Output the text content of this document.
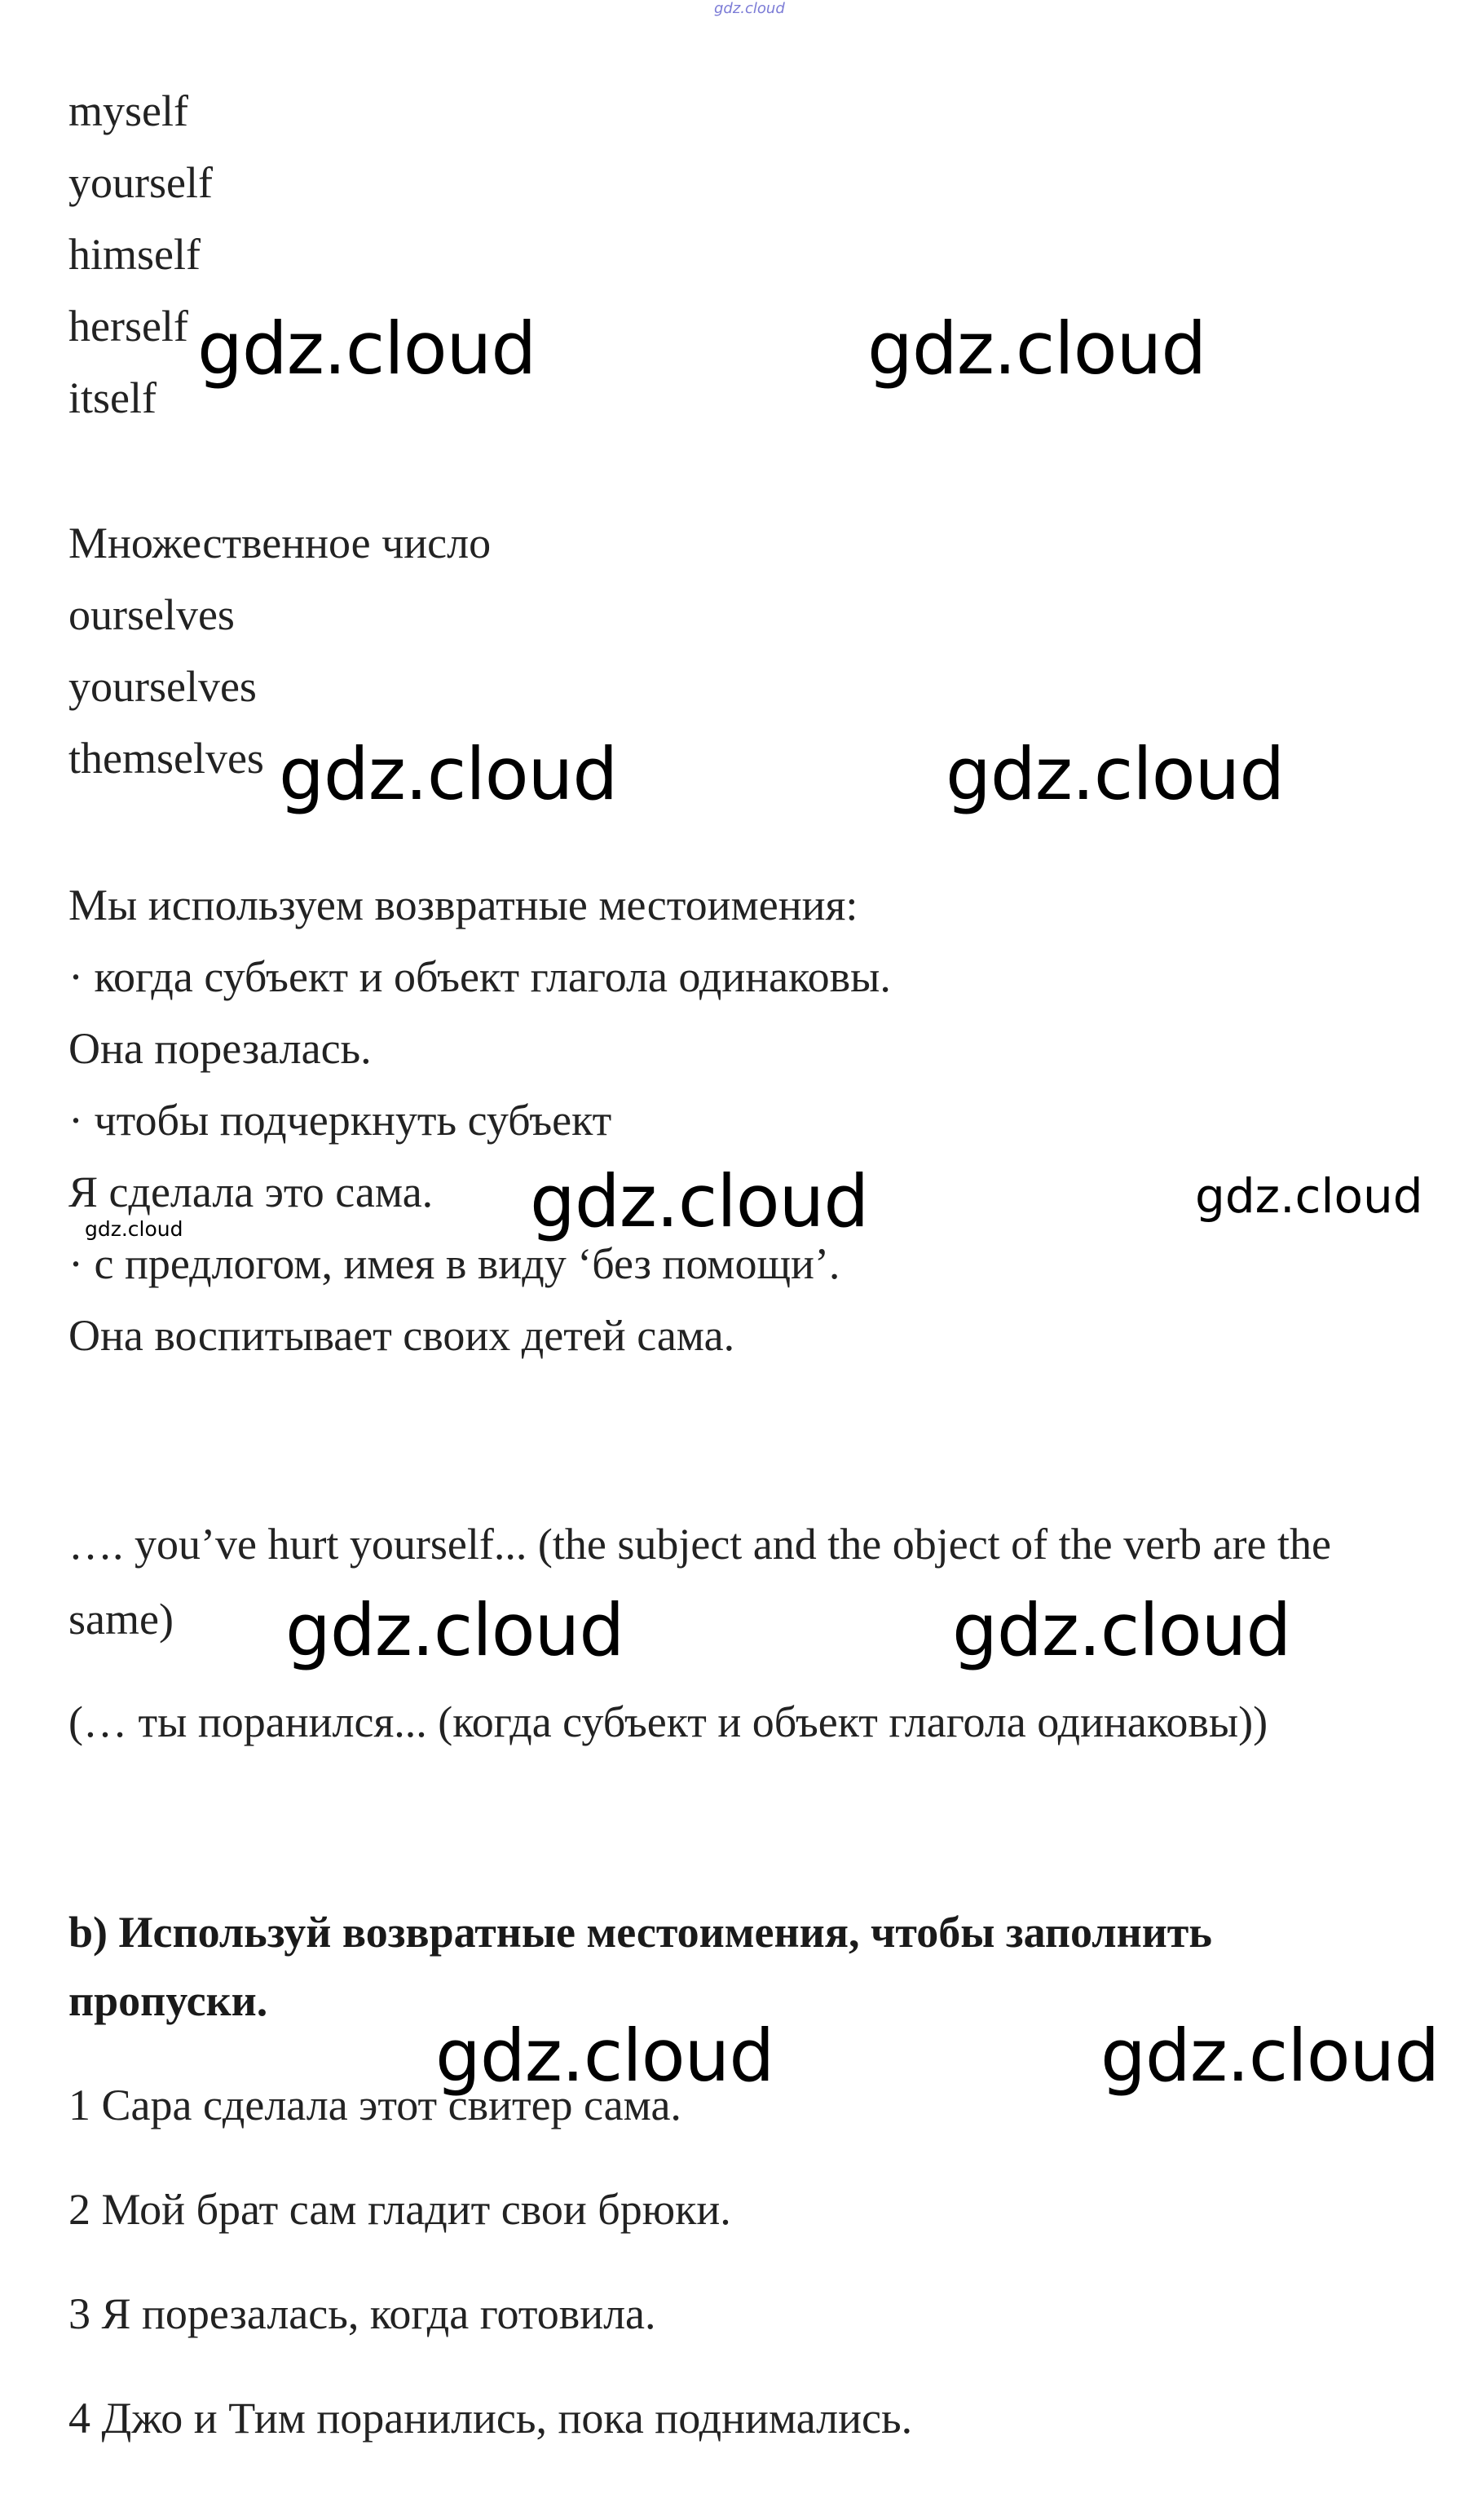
gdz.cloud
myself
yourself
himself
herself
itself
Множественное число
ourselves
yourselves
themselves
Мы используем возвратные местоимения:
· когда субъект и объект глагола одинаковы.
Она порезалась.
· чтобы подчеркнуть субъект
Я сделала это сама.
· с предлогом, имея в виду ‘без помощи’.
Она воспитывает своих детей сама.
…. you’ve hurt yourself... (the subject and the object of the verb are the
same)
(… ты поранился... (когда субъект и объект глагола одинаковы))
b) Используй возвратные местоимения, чтобы заполнить
пропуски.
1 Сара сделала этот свитер сама.
2 Мой брат сам гладит свои брюки.
3 Я порезалась, когда готовила.
4 Джо и Тим поранились, пока поднимались.
gdz.cloud	gdz.cloud
gdz.cloud	gdz.cloud
gdz.cloud	gdz.cloud
gdz.cloud
gdz.cloud	gdz.cloud
gdz.cloud	gdz.cloud
